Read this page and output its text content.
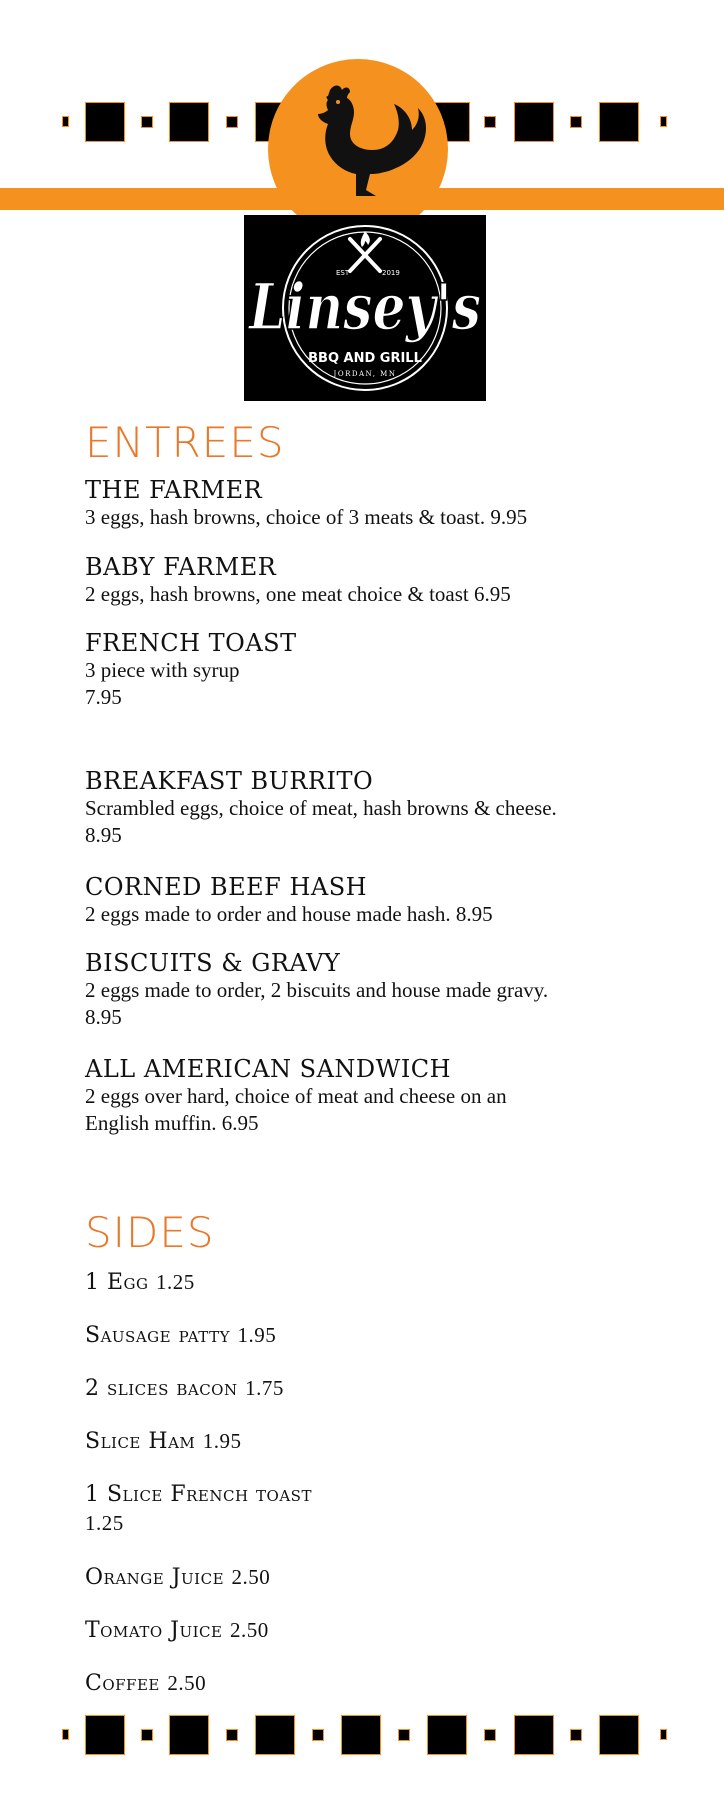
EST	2019
Linsey's
BBQ AND GRILL
JORDAN, MN
ENTREES
THE FARMER
3 eggs, hash browns, choice of 3 meats & toast. 9.95
BABY FARMER
2 eggs, hash browns, one meat choice & toast 6.95
FRENCH TOAST
3 piece with syrup
7.95
BREAKFAST BURRITO
Scrambled eggs, choice of meat, hash browns & cheese.
8.95
CORNED BEEF HASH
2 eggs made to order and house made hash. 8.95
BISCUITS & GRAVY
2 eggs made to order, 2 biscuits and house made gravy.
8.95
ALL AMERICAN SANDWICH
2 eggs over hard, choice of meat and cheese on an
English muffin. 6.95
SIDES
1 Egg 1.25
Sausage patty 1.95
2 slices bacon 1.75
Slice Ham 1.95
1 Slice French toast
1.25
Orange Juice 2.50
Tomato Juice 2.50
Coffee 2.50
